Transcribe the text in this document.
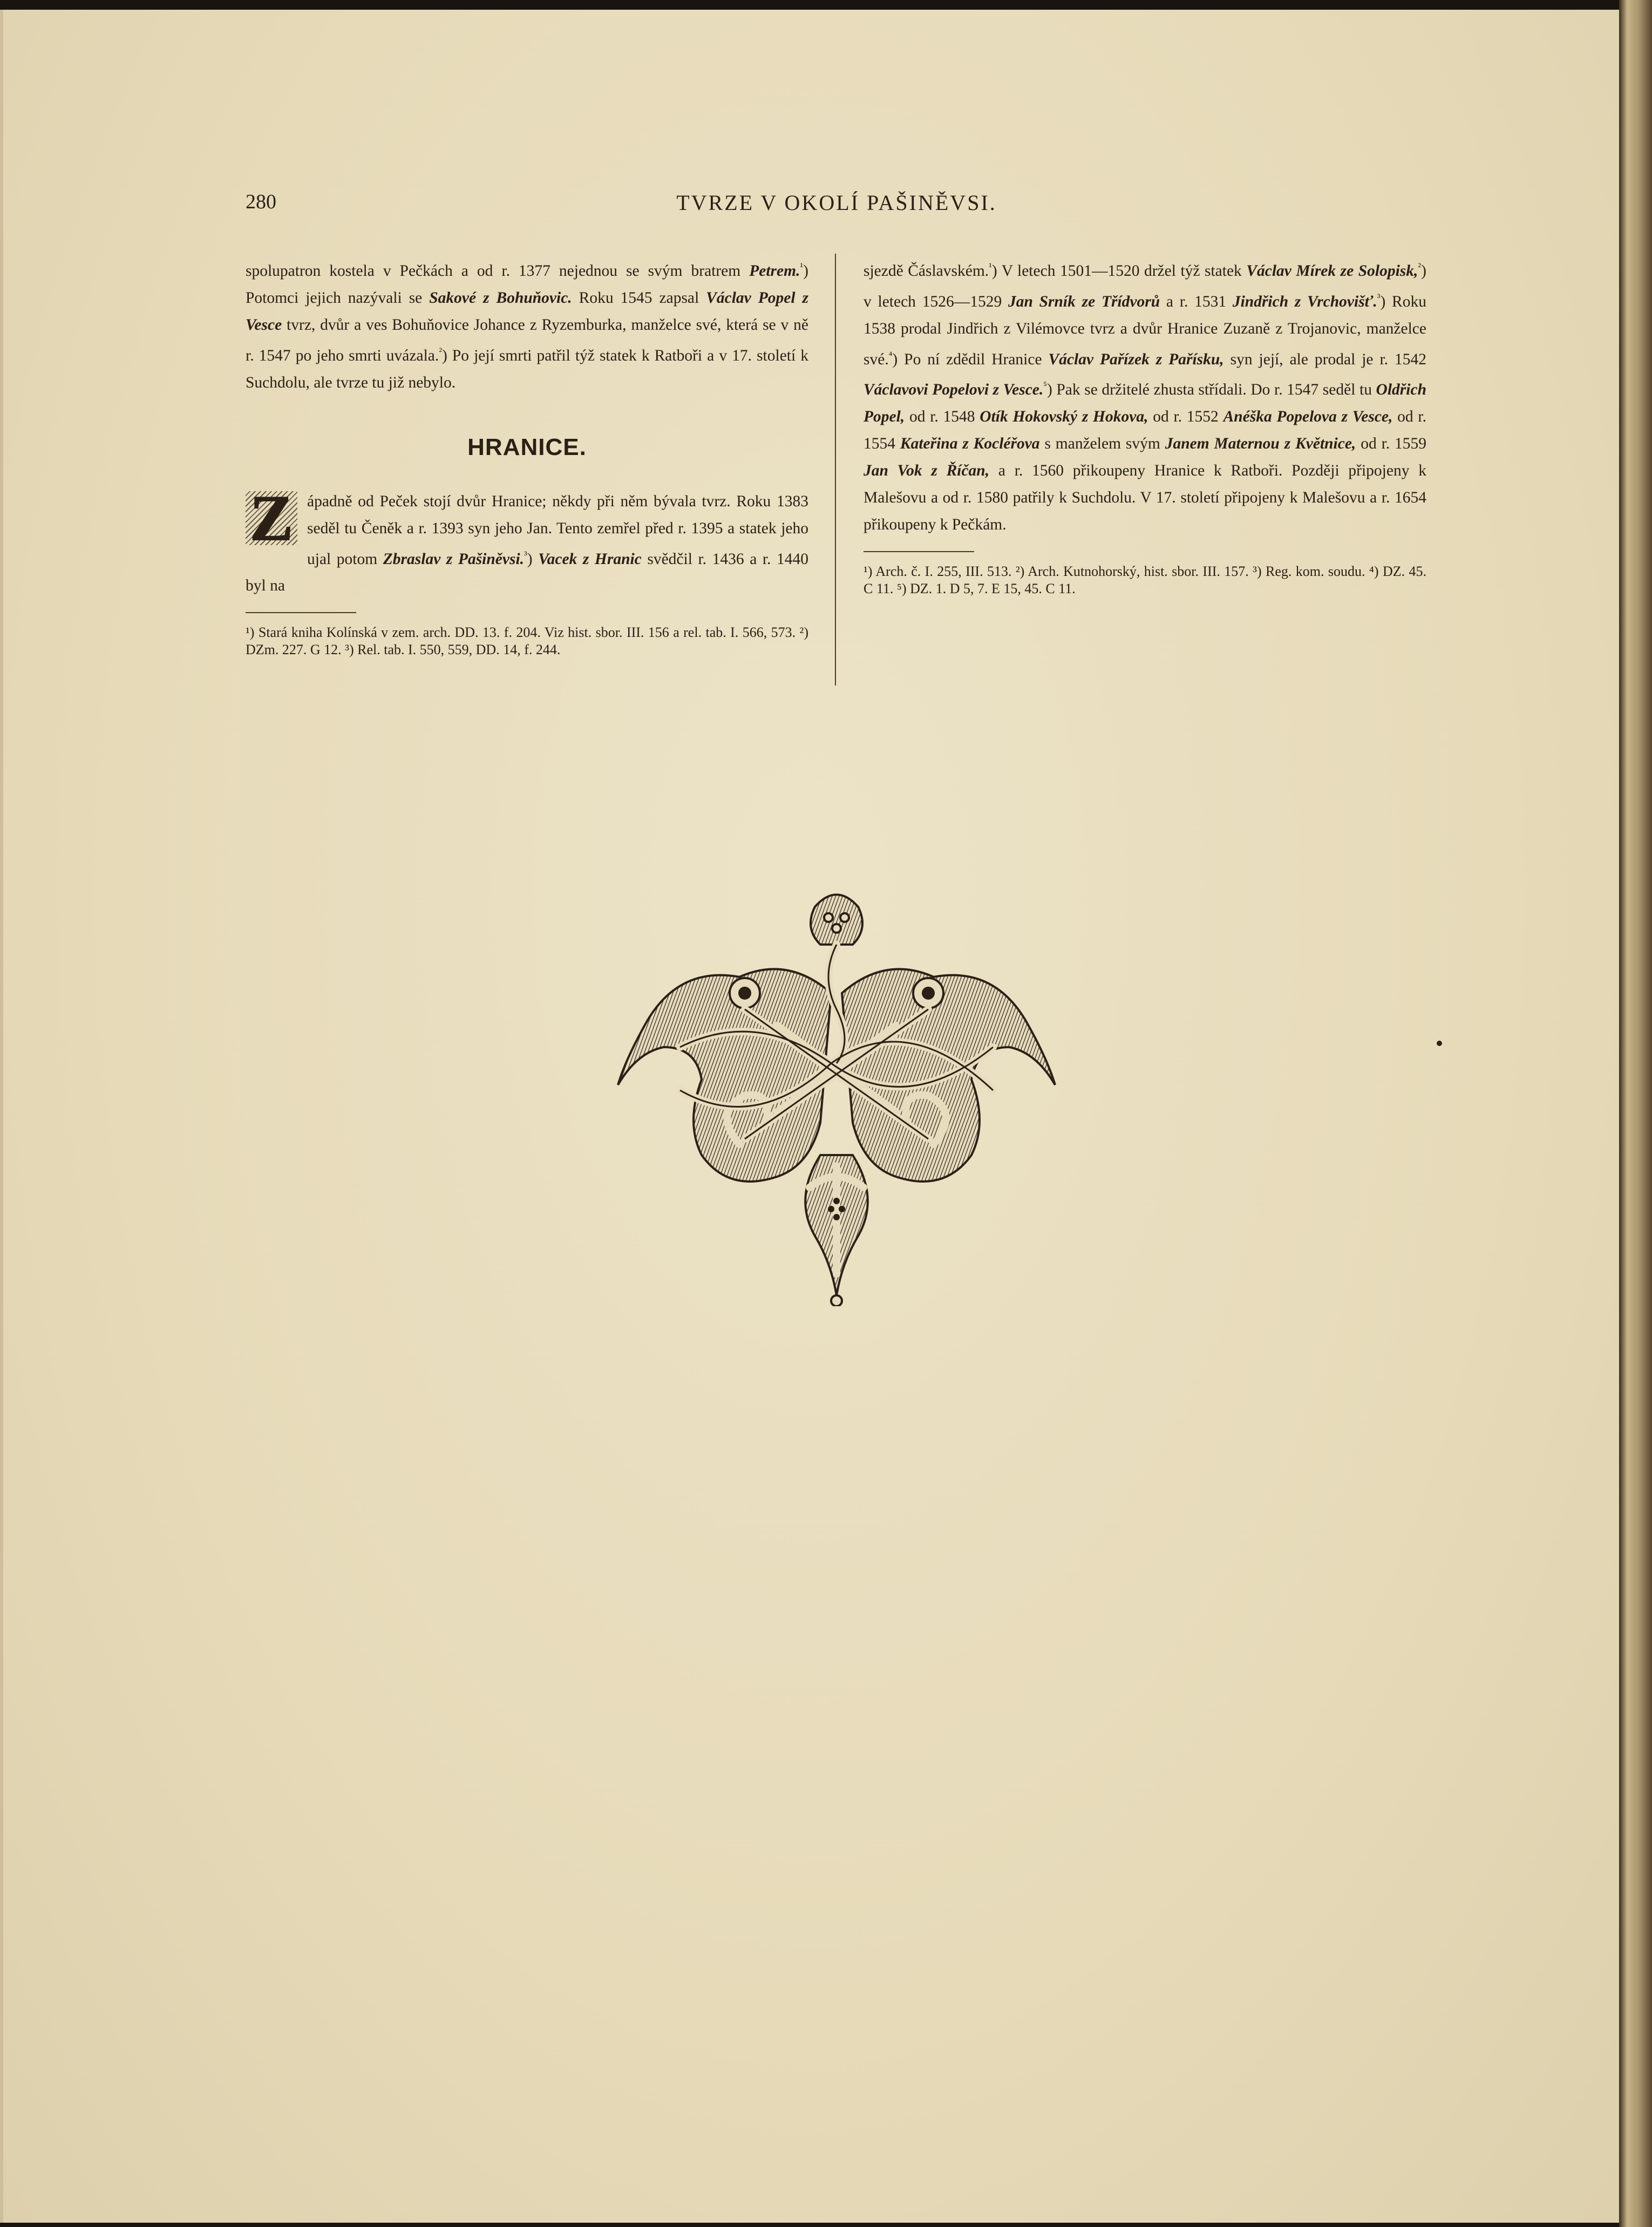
280	TVRZE V OKOLÍ PAŠINĚVSI.

spolupatron kostela v Pečkách a od r. 1377 nejednou se svým bratrem Petrem.$^{^1}$) Potomci jejich nazývali se Sakové z Bohuňovic. Roku 1545 zapsal Václav Popel z Vesce tvrz, dvůr a ves Bohuňovice Johance z Ryzemburka, manželce své, která se v ně r. 1547 po jeho smrti uvázala.$^{^2}$) Po její smrti patřil týž statek k Ratboři a v 17. století k Suchdolu, ale tvrze tu již nebylo.

HRANICE.

Z ápadně od Peček stojí dvůr Hranice; někdy při něm bývala tvrz. Roku 1383 seděl tu Čeněk a r. 1393 syn jeho Jan. Tento zemřel před r. 1395 a statek jeho ujal potom Zbraslav z Pašiněvsi.$^{^3}$) Vacek z Hranic svědčil r. 1436 a r. 1440 byl na

¹) Stará kniha Kolínská v zem. arch. DD. 13. f. 204. Viz hist. sbor. III. 156 a rel. tab. I. 566, 573. ²) DZm. 227. G 12. ³) Rel. tab. I. 550, 559, DD. 14, f. 244.

sjezdě Čáslavském.$^{^1}$) V letech 1501—1520 držel týž statek Václav Mírek ze Solopisk,$^{^2}$) v letech 1526—1529 Jan Srník ze Třídvorů a r. 1531 Jindřich z Vrchovišť.$^{^3}$) Roku 1538 prodal Jindřich z Vilémovce tvrz a dvůr Hranice Zuzaně z Trojanovic, manželce své.$^{^4}$) Po ní zdědil Hranice Václav Pařízek z Pařísku, syn její, ale prodal je r. 1542 Václavovi Popelovi z Vesce.$^{^5}$) Pak se držitelé zhusta střídali. Do r. 1547 seděl tu Oldřich Popel, od r. 1548 Otík Hokovský z Hokova, od r. 1552 Anéška Popelova z Vesce, od r. 1554 Kateřina z Kocléřova s manželem svým Janem Maternou z Květnice, od r. 1559 Jan Vok z Říčan, a r. 1560 přikoupeny Hranice k Ratboři. Později připojeny k Malešovu a od r. 1580 patřily k Suchdolu. V 17. století připojeny k Malešovu a r. 1654 přikoupeny k Pečkám.

¹) Arch. č. I. 255, III. 513. ²) Arch. Kutnohorský, hist. sbor. III. 157. ³) Reg. kom. soudu. ⁴) DZ. 45. C 11. ⁵) DZ. 1. D 5, 7. E 15, 45. C 11.
